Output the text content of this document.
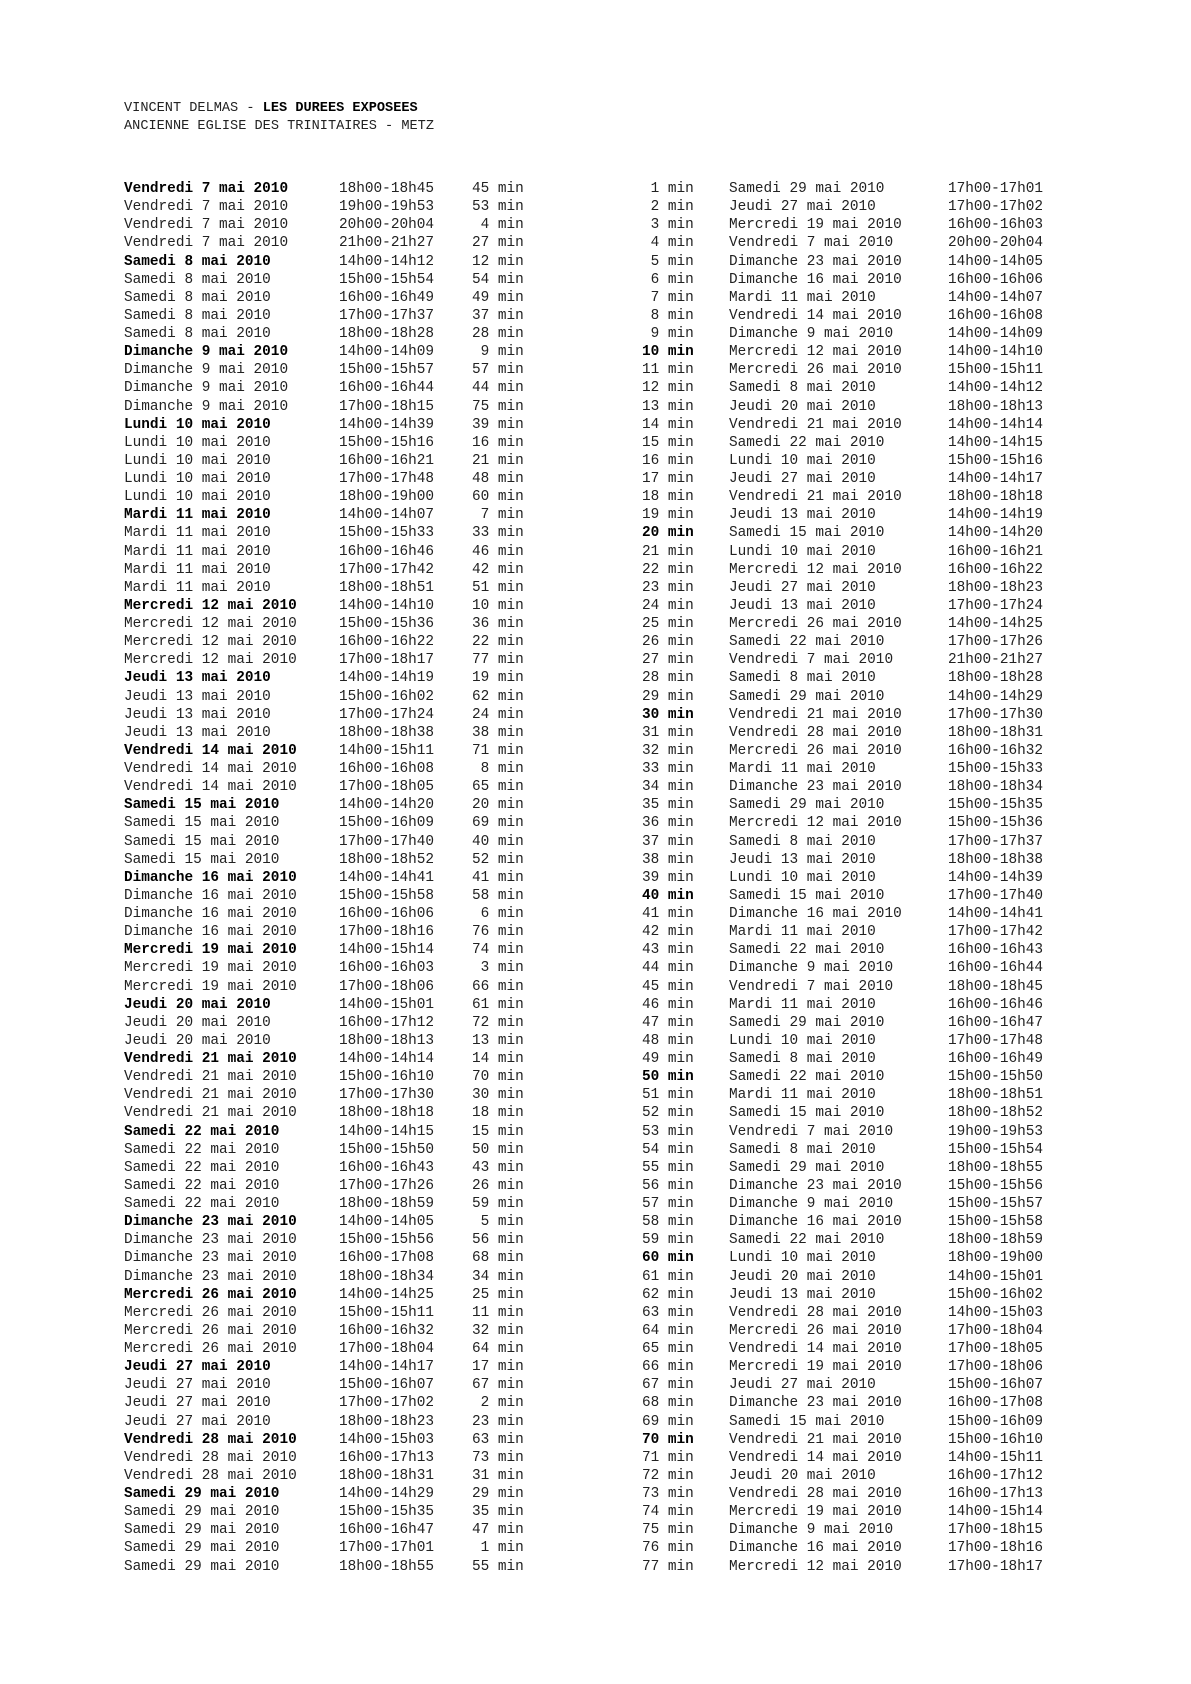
VINCENT DELMAS - LES DUREES EXPOSEES
ANCIENNE EGLISE DES TRINITAIRES - METZ
Vendredi 7 mai 2010	18h00-18h45	45 min
Vendredi 7 mai 2010	19h00-19h53	53 min
Vendredi 7 mai 2010	20h00-20h04	4 min
Vendredi 7 mai 2010	21h00-21h27	27 min
Samedi 8 mai 2010	14h00-14h12	12 min
Samedi 8 mai 2010	15h00-15h54	54 min
Samedi 8 mai 2010	16h00-16h49	49 min
Samedi 8 mai 2010	17h00-17h37	37 min
Samedi 8 mai 2010	18h00-18h28	28 min
Dimanche 9 mai 2010	14h00-14h09	9 min
Dimanche 9 mai 2010	15h00-15h57	57 min
Dimanche 9 mai 2010	16h00-16h44	44 min
Dimanche 9 mai 2010	17h00-18h15	75 min
Lundi 10 mai 2010	14h00-14h39	39 min
Lundi 10 mai 2010	15h00-15h16	16 min
Lundi 10 mai 2010	16h00-16h21	21 min
Lundi 10 mai 2010	17h00-17h48	48 min
Lundi 10 mai 2010	18h00-19h00	60 min
Mardi 11 mai 2010	14h00-14h07	7 min
Mardi 11 mai 2010	15h00-15h33	33 min
Mardi 11 mai 2010	16h00-16h46	46 min
Mardi 11 mai 2010	17h00-17h42	42 min
Mardi 11 mai 2010	18h00-18h51	51 min
Mercredi 12 mai 2010	14h00-14h10	10 min
Mercredi 12 mai 2010	15h00-15h36	36 min
Mercredi 12 mai 2010	16h00-16h22	22 min
Mercredi 12 mai 2010	17h00-18h17	77 min
Jeudi 13 mai 2010	14h00-14h19	19 min
Jeudi 13 mai 2010	15h00-16h02	62 min
Jeudi 13 mai 2010	17h00-17h24	24 min
Jeudi 13 mai 2010	18h00-18h38	38 min
Vendredi 14 mai 2010	14h00-15h11	71 min
Vendredi 14 mai 2010	16h00-16h08	8 min
Vendredi 14 mai 2010	17h00-18h05	65 min
Samedi 15 mai 2010	14h00-14h20	20 min
Samedi 15 mai 2010	15h00-16h09	69 min
Samedi 15 mai 2010	17h00-17h40	40 min
Samedi 15 mai 2010	18h00-18h52	52 min
Dimanche 16 mai 2010	14h00-14h41	41 min
Dimanche 16 mai 2010	15h00-15h58	58 min
Dimanche 16 mai 2010	16h00-16h06	6 min
Dimanche 16 mai 2010	17h00-18h16	76 min
Mercredi 19 mai 2010	14h00-15h14	74 min
Mercredi 19 mai 2010	16h00-16h03	3 min
Mercredi 19 mai 2010	17h00-18h06	66 min
Jeudi 20 mai 2010	14h00-15h01	61 min
Jeudi 20 mai 2010	16h00-17h12	72 min
Jeudi 20 mai 2010	18h00-18h13	13 min
Vendredi 21 mai 2010	14h00-14h14	14 min
Vendredi 21 mai 2010	15h00-16h10	70 min
Vendredi 21 mai 2010	17h00-17h30	30 min
Vendredi 21 mai 2010	18h00-18h18	18 min
Samedi 22 mai 2010	14h00-14h15	15 min
Samedi 22 mai 2010	15h00-15h50	50 min
Samedi 22 mai 2010	16h00-16h43	43 min
Samedi 22 mai 2010	17h00-17h26	26 min
Samedi 22 mai 2010	18h00-18h59	59 min
Dimanche 23 mai 2010	14h00-14h05	5 min
Dimanche 23 mai 2010	15h00-15h56	56 min
Dimanche 23 mai 2010	16h00-17h08	68 min
Dimanche 23 mai 2010	18h00-18h34	34 min
Mercredi 26 mai 2010	14h00-14h25	25 min
Mercredi 26 mai 2010	15h00-15h11	11 min
Mercredi 26 mai 2010	16h00-16h32	32 min
Mercredi 26 mai 2010	17h00-18h04	64 min
Jeudi 27 mai 2010	14h00-14h17	17 min
Jeudi 27 mai 2010	15h00-16h07	67 min
Jeudi 27 mai 2010	17h00-17h02	2 min
Jeudi 27 mai 2010	18h00-18h23	23 min
Vendredi 28 mai 2010	14h00-15h03	63 min
Vendredi 28 mai 2010	16h00-17h13	73 min
Vendredi 28 mai 2010	18h00-18h31	31 min
Samedi 29 mai 2010	14h00-14h29	29 min
Samedi 29 mai 2010	15h00-15h35	35 min
Samedi 29 mai 2010	16h00-16h47	47 min
Samedi 29 mai 2010	17h00-17h01	1 min
Samedi 29 mai 2010	18h00-18h55	55 min
1 min	Samedi 29 mai 2010	17h00-17h01
2 min	Jeudi 27 mai 2010	17h00-17h02
3 min	Mercredi 19 mai 2010	16h00-16h03
4 min	Vendredi 7 mai 2010	20h00-20h04
5 min	Dimanche 23 mai 2010	14h00-14h05
6 min	Dimanche 16 mai 2010	16h00-16h06
7 min	Mardi 11 mai 2010	14h00-14h07
8 min	Vendredi 14 mai 2010	16h00-16h08
9 min	Dimanche 9 mai 2010	14h00-14h09
10 min	Mercredi 12 mai 2010	14h00-14h10
11 min	Mercredi 26 mai 2010	15h00-15h11
12 min	Samedi 8 mai 2010	14h00-14h12
13 min	Jeudi 20 mai 2010	18h00-18h13
14 min	Vendredi 21 mai 2010	14h00-14h14
15 min	Samedi 22 mai 2010	14h00-14h15
16 min	Lundi 10 mai 2010	15h00-15h16
17 min	Jeudi 27 mai 2010	14h00-14h17
18 min	Vendredi 21 mai 2010	18h00-18h18
19 min	Jeudi 13 mai 2010	14h00-14h19
20 min	Samedi 15 mai 2010	14h00-14h20
21 min	Lundi 10 mai 2010	16h00-16h21
22 min	Mercredi 12 mai 2010	16h00-16h22
23 min	Jeudi 27 mai 2010	18h00-18h23
24 min	Jeudi 13 mai 2010	17h00-17h24
25 min	Mercredi 26 mai 2010	14h00-14h25
26 min	Samedi 22 mai 2010	17h00-17h26
27 min	Vendredi 7 mai 2010	21h00-21h27
28 min	Samedi 8 mai 2010	18h00-18h28
29 min	Samedi 29 mai 2010	14h00-14h29
30 min	Vendredi 21 mai 2010	17h00-17h30
31 min	Vendredi 28 mai 2010	18h00-18h31
32 min	Mercredi 26 mai 2010	16h00-16h32
33 min	Mardi 11 mai 2010	15h00-15h33
34 min	Dimanche 23 mai 2010	18h00-18h34
35 min	Samedi 29 mai 2010	15h00-15h35
36 min	Mercredi 12 mai 2010	15h00-15h36
37 min	Samedi 8 mai 2010	17h00-17h37
38 min	Jeudi 13 mai 2010	18h00-18h38
39 min	Lundi 10 mai 2010	14h00-14h39
40 min	Samedi 15 mai 2010	17h00-17h40
41 min	Dimanche 16 mai 2010	14h00-14h41
42 min	Mardi 11 mai 2010	17h00-17h42
43 min	Samedi 22 mai 2010	16h00-16h43
44 min	Dimanche 9 mai 2010	16h00-16h44
45 min	Vendredi 7 mai 2010	18h00-18h45
46 min	Mardi 11 mai 2010	16h00-16h46
47 min	Samedi 29 mai 2010	16h00-16h47
48 min	Lundi 10 mai 2010	17h00-17h48
49 min	Samedi 8 mai 2010	16h00-16h49
50 min	Samedi 22 mai 2010	15h00-15h50
51 min	Mardi 11 mai 2010	18h00-18h51
52 min	Samedi 15 mai 2010	18h00-18h52
53 min	Vendredi 7 mai 2010	19h00-19h53
54 min	Samedi 8 mai 2010	15h00-15h54
55 min	Samedi 29 mai 2010	18h00-18h55
56 min	Dimanche 23 mai 2010	15h00-15h56
57 min	Dimanche 9 mai 2010	15h00-15h57
58 min	Dimanche 16 mai 2010	15h00-15h58
59 min	Samedi 22 mai 2010	18h00-18h59
60 min	Lundi 10 mai 2010	18h00-19h00
61 min	Jeudi 20 mai 2010	14h00-15h01
62 min	Jeudi 13 mai 2010	15h00-16h02
63 min	Vendredi 28 mai 2010	14h00-15h03
64 min	Mercredi 26 mai 2010	17h00-18h04
65 min	Vendredi 14 mai 2010	17h00-18h05
66 min	Mercredi 19 mai 2010	17h00-18h06
67 min	Jeudi 27 mai 2010	15h00-16h07
68 min	Dimanche 23 mai 2010	16h00-17h08
69 min	Samedi 15 mai 2010	15h00-16h09
70 min	Vendredi 21 mai 2010	15h00-16h10
71 min	Vendredi 14 mai 2010	14h00-15h11
72 min	Jeudi 20 mai 2010	16h00-17h12
73 min	Vendredi 28 mai 2010	16h00-17h13
74 min	Mercredi 19 mai 2010	14h00-15h14
75 min	Dimanche 9 mai 2010	17h00-18h15
76 min	Dimanche 16 mai 2010	17h00-18h16
77 min	Mercredi 12 mai 2010	17h00-18h17
